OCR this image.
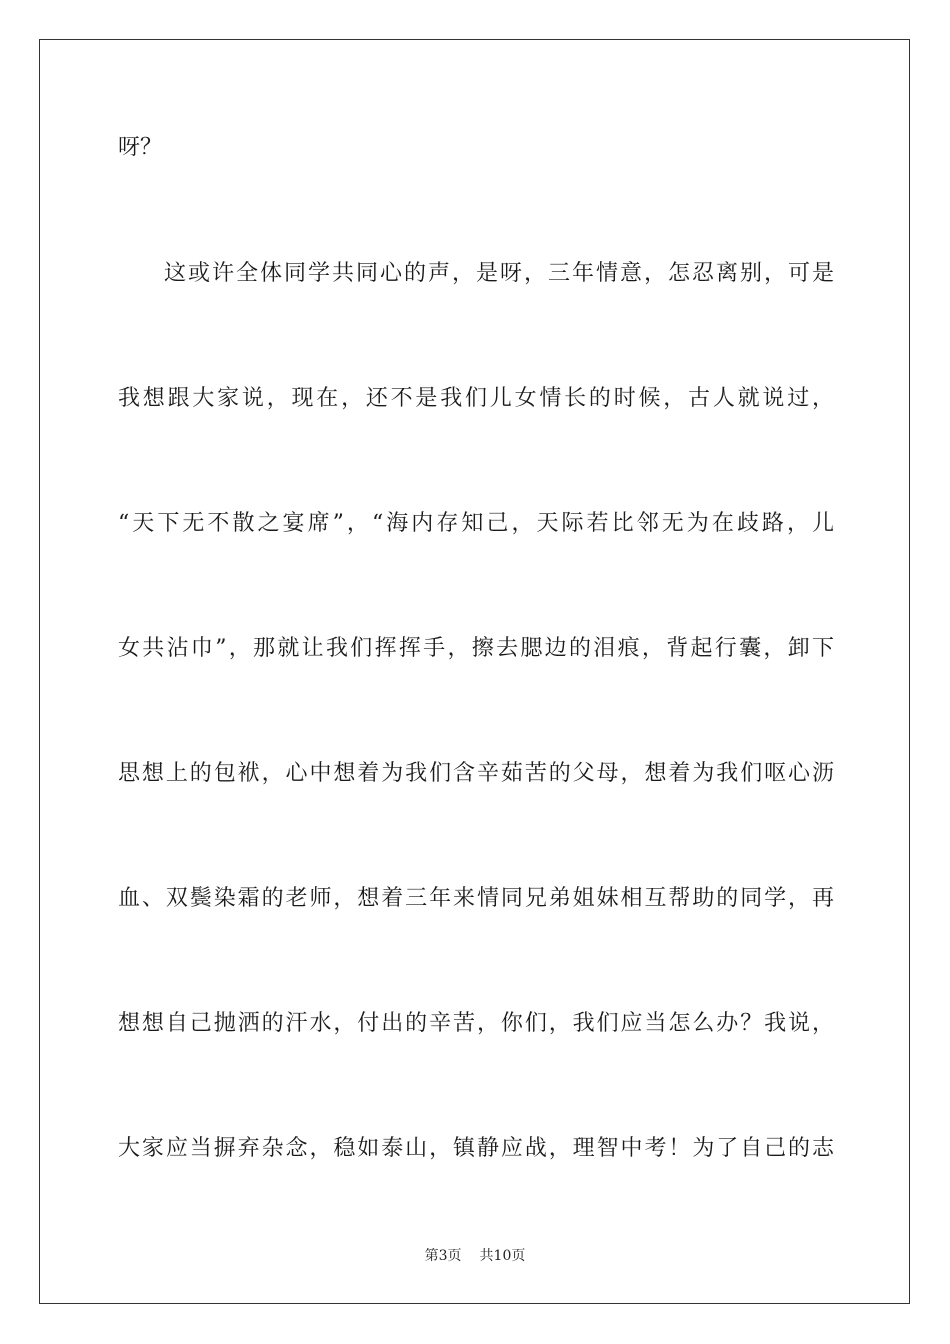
呀？
这或许全体同学共同心的声，是呀，三年情意，怎忍离别，可是
我想跟大家说，现在，还不是我们儿女情长的时候，古人就说过，
“天下无不散之宴席”，“海内存知己，天际若比邻无为在歧路，儿
女共沾巾”，那就让我们挥挥手，擦去腮边的泪痕，背起行囊，卸下
思想上的包袱，心中想着为我们含辛茹苦的父母，想着为我们呕心沥
血、双鬓染霜的老师，想着三年来情同兄弟姐妹相互帮助的同学，再
想想自己抛洒的汗水，付出的辛苦，你们，我们应当怎么办？我说，
大家应当摒弃杂念，稳如泰山，镇静应战，理智中考！为了自己的志
第3页 共10页
